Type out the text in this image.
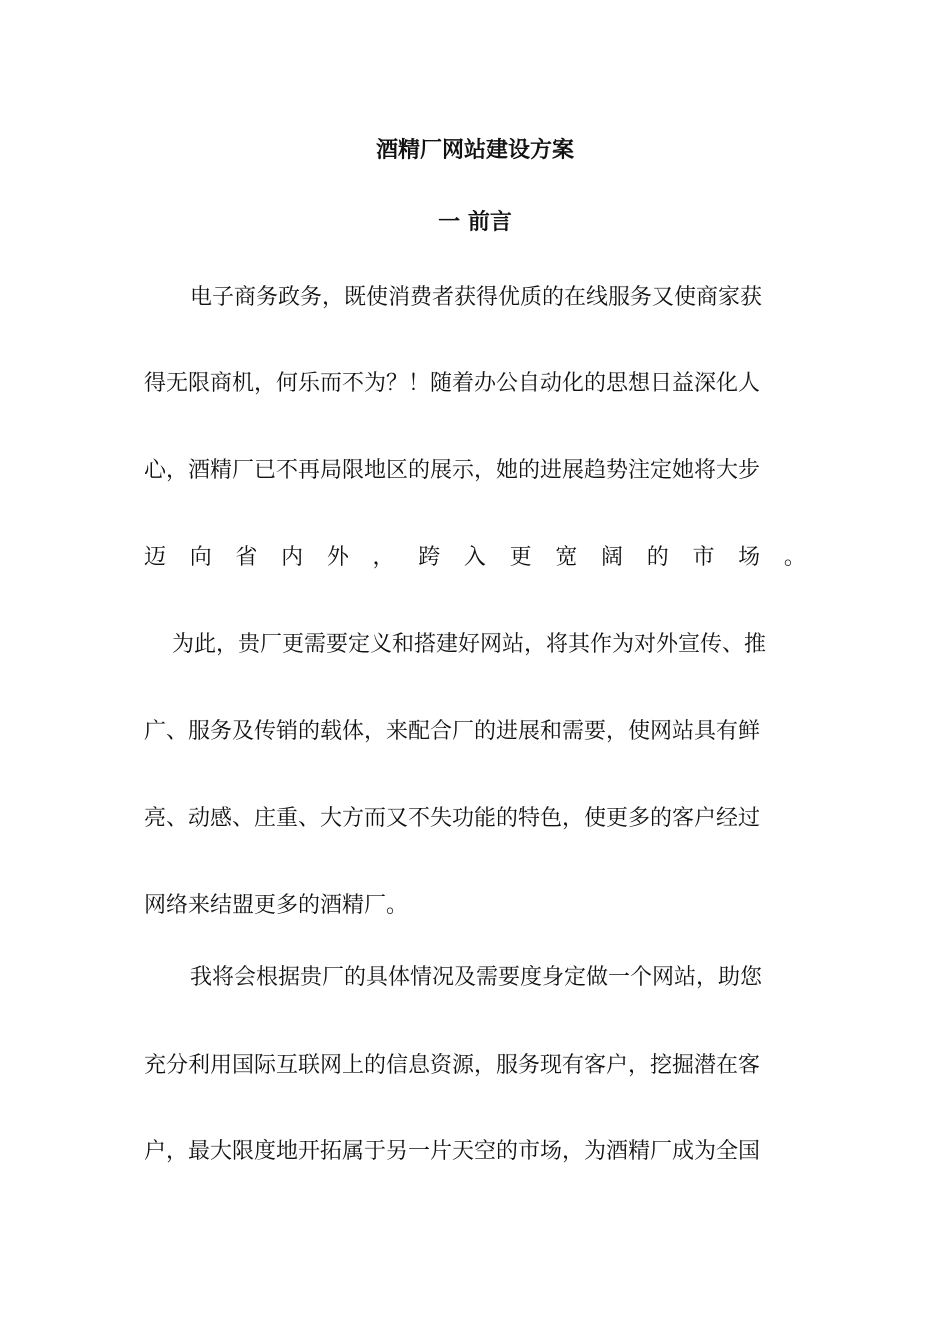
酒精厂网站建设方案
一 前言
电子商务政务，既使消费者获得优质的在线服务又使商家获
得无限商机，何乐而不为？！随着办公自动化的思想日益深化人
心，酒精厂已不再局限地区的展示，她的进展趋势注定她将大步
迈 向 省 内 外 ， 跨 入 更 宽 阔 的 市 场 。
为此，贵厂更需要定义和搭建好网站，将其作为对外宣传、推
广、服务及传销的载体，来配合厂的进展和需要，使网站具有鲜
亮、动感、庄重、大方而又不失功能的特色，使更多的客户经过
网络来结盟更多的酒精厂。
我将会根据贵厂的具体情况及需要度身定做一个网站，助您
充分利用国际互联网上的信息资源，服务现有客户，挖掘潜在客
户，最大限度地开拓属于另一片天空的市场，为酒精厂成为全国
